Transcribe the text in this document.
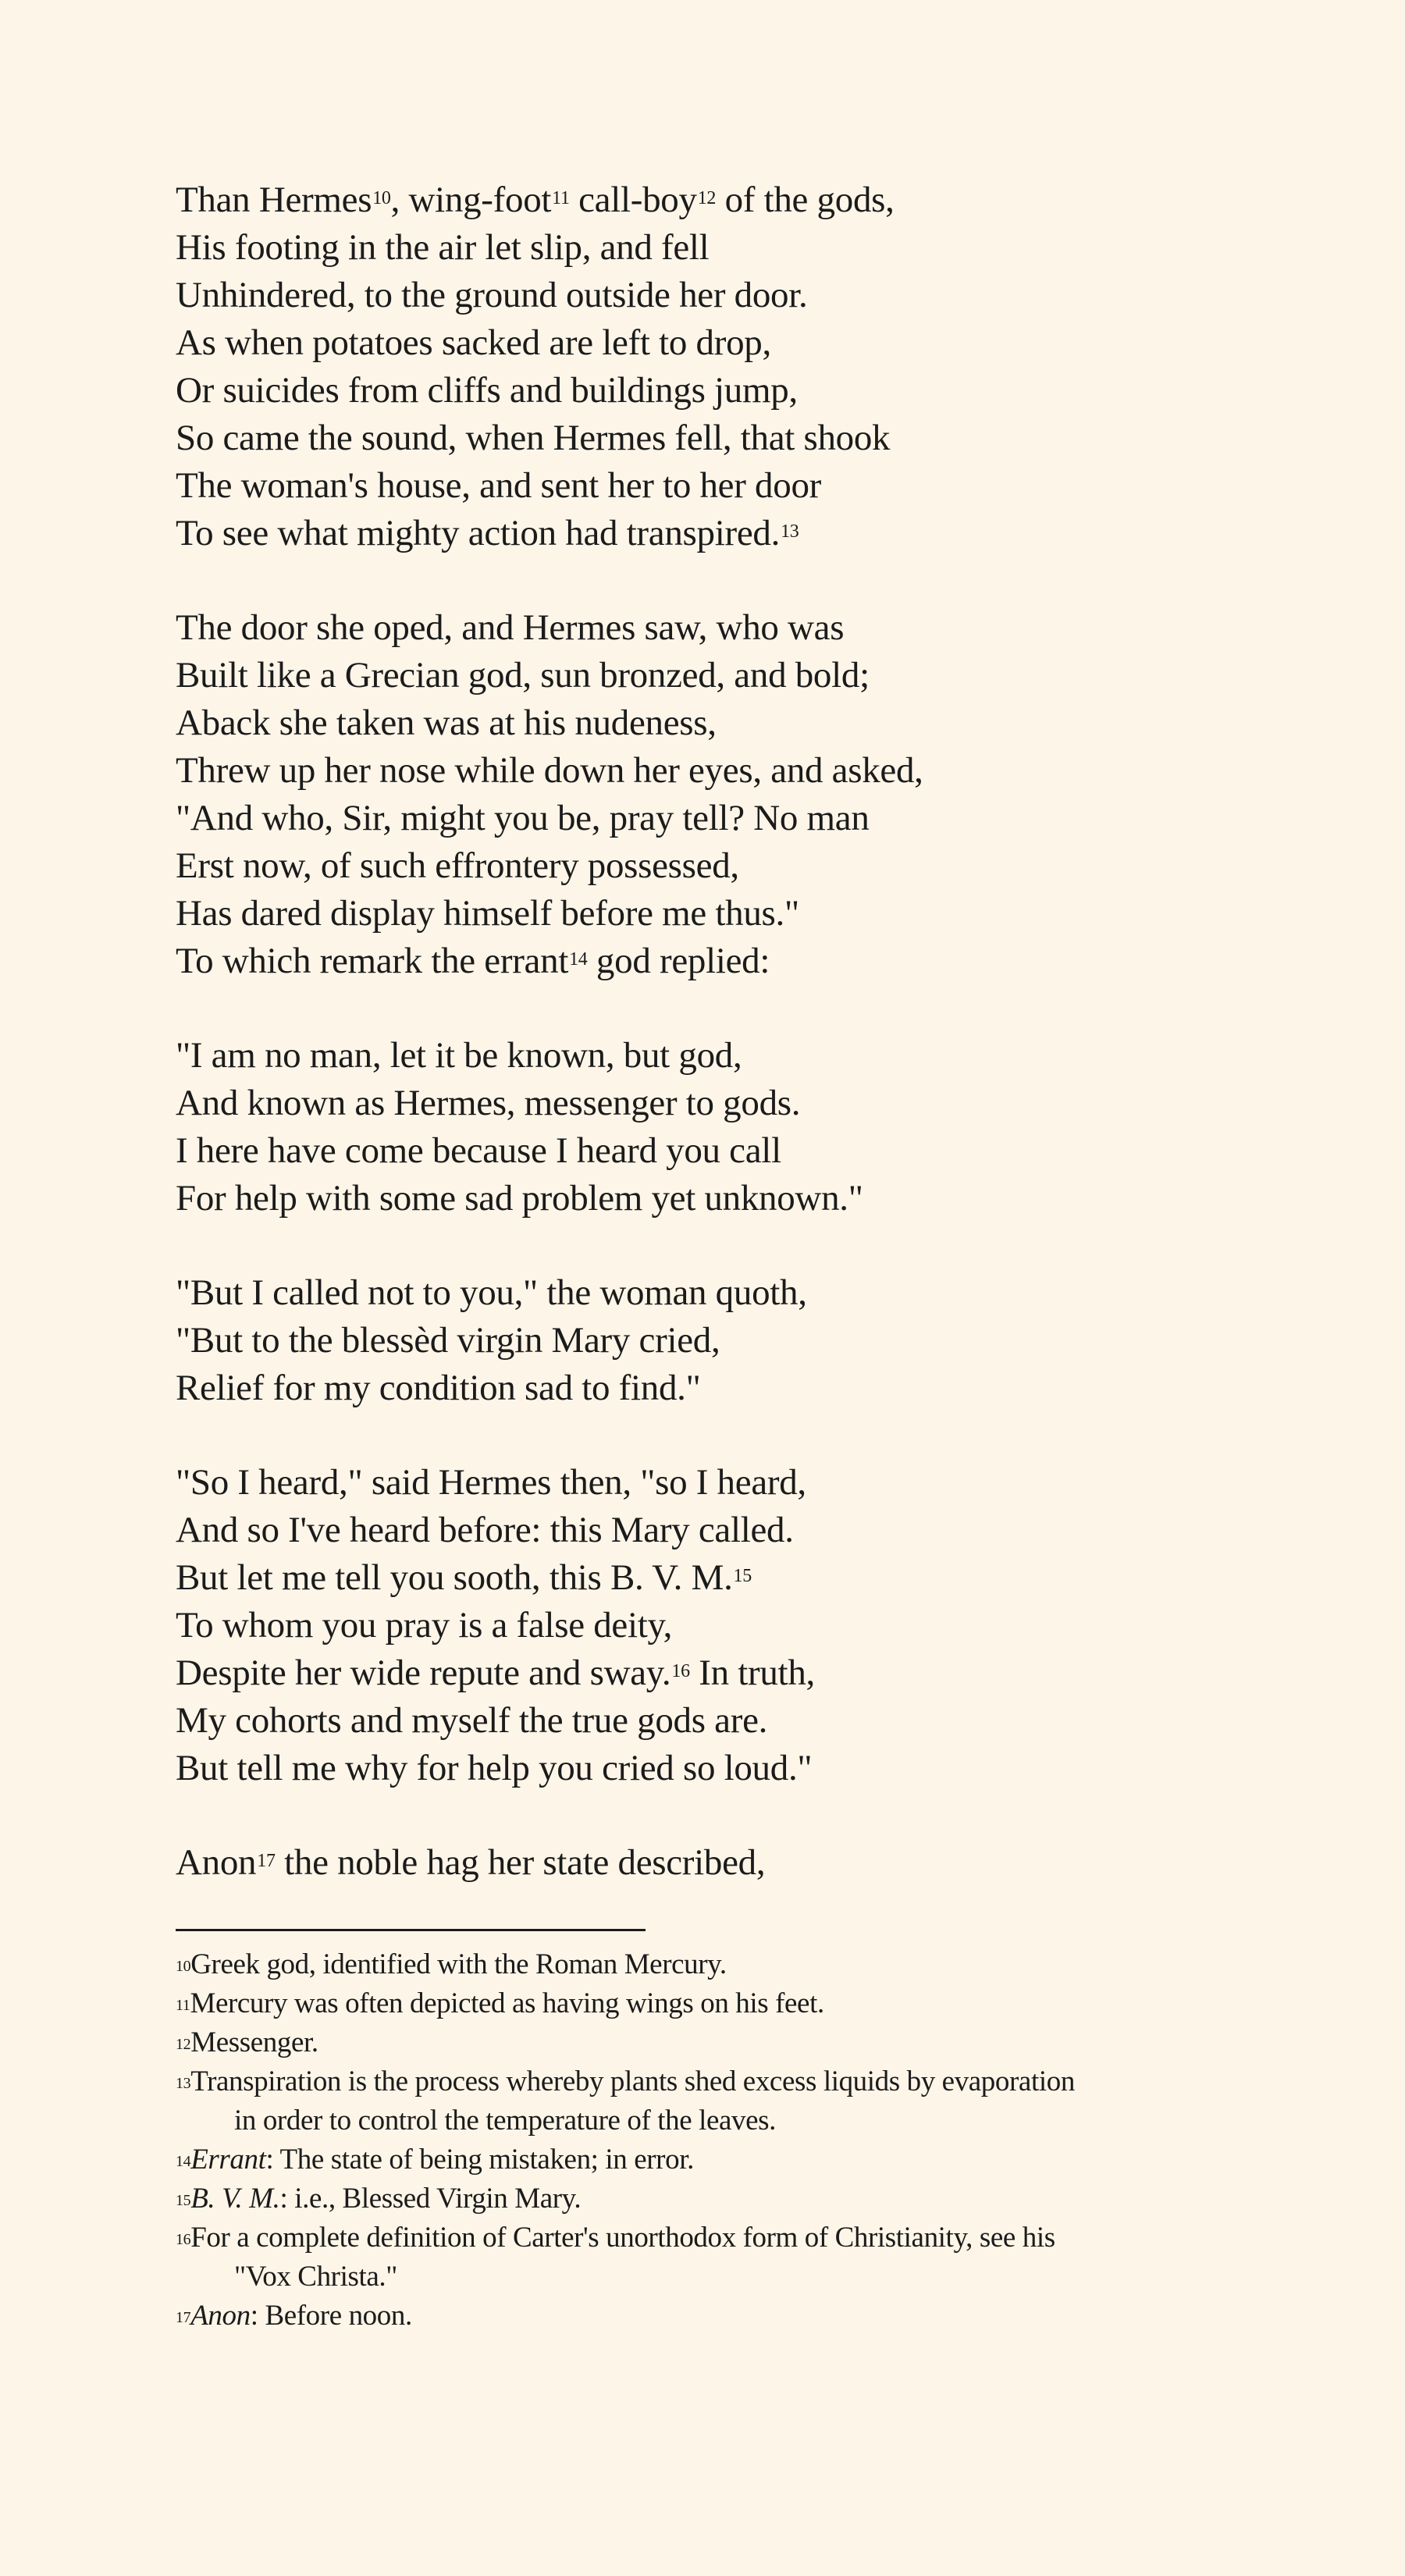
Than Hermes$^{10}$, wing-foot$^{11}$ call-boy$^{12}$ of the gods,
His footing in the air let slip, and fell
Unhindered, to the ground outside her door.
As when potatoes sacked are left to drop,
Or suicides from cliffs and buildings jump,
So came the sound, when Hermes fell, that shook
The woman's house, and sent her to her door
To see what mighty action had transpired.$^{13}$
The door she oped, and Hermes saw, who was
Built like a Grecian god, sun bronzed, and bold;
Aback she taken was at his nudeness,
Threw up her nose while down her eyes, and asked,
"And who, Sir, might you be, pray tell? No man
Erst now, of such effrontery possessed,
Has dared display himself before me thus."
To which remark the errant$^{14}$ god replied:
"I am no man, let it be known, but god,
And known as Hermes, messenger to gods.
I here have come because I heard you call
For help with some sad problem yet unknown."
"But I called not to you," the woman quoth,
"But to the blessèd virgin Mary cried,
Relief for my condition sad to find."
"So I heard," said Hermes then, "so I heard,
And so I've heard before: this Mary called.
But let me tell you sooth, this B. V. M.$^{15}$
To whom you pray is a false deity,
Despite her wide repute and sway.$^{16}$ In truth,
My cohorts and myself the true gods are.
But tell me why for help you cried so loud."
Anon$^{17}$ the noble hag her state described,
$^{10}$Greek god, identified with the Roman Mercury.
$^{11}$Mercury was often depicted as having wings on his feet.
$^{12}$Messenger.
$^{13}$Transpiration is the process whereby plants shed excess liquids by evaporation
in order to control the temperature of the leaves.
$^{14}$Errant: The state of being mistaken; in error.
$^{15}$B. V. M.: i.e., Blessed Virgin Mary.
$^{16}$For a complete definition of Carter's unorthodox form of Christianity, see his
"Vox Christa."
$^{17}$Anon: Before noon.
